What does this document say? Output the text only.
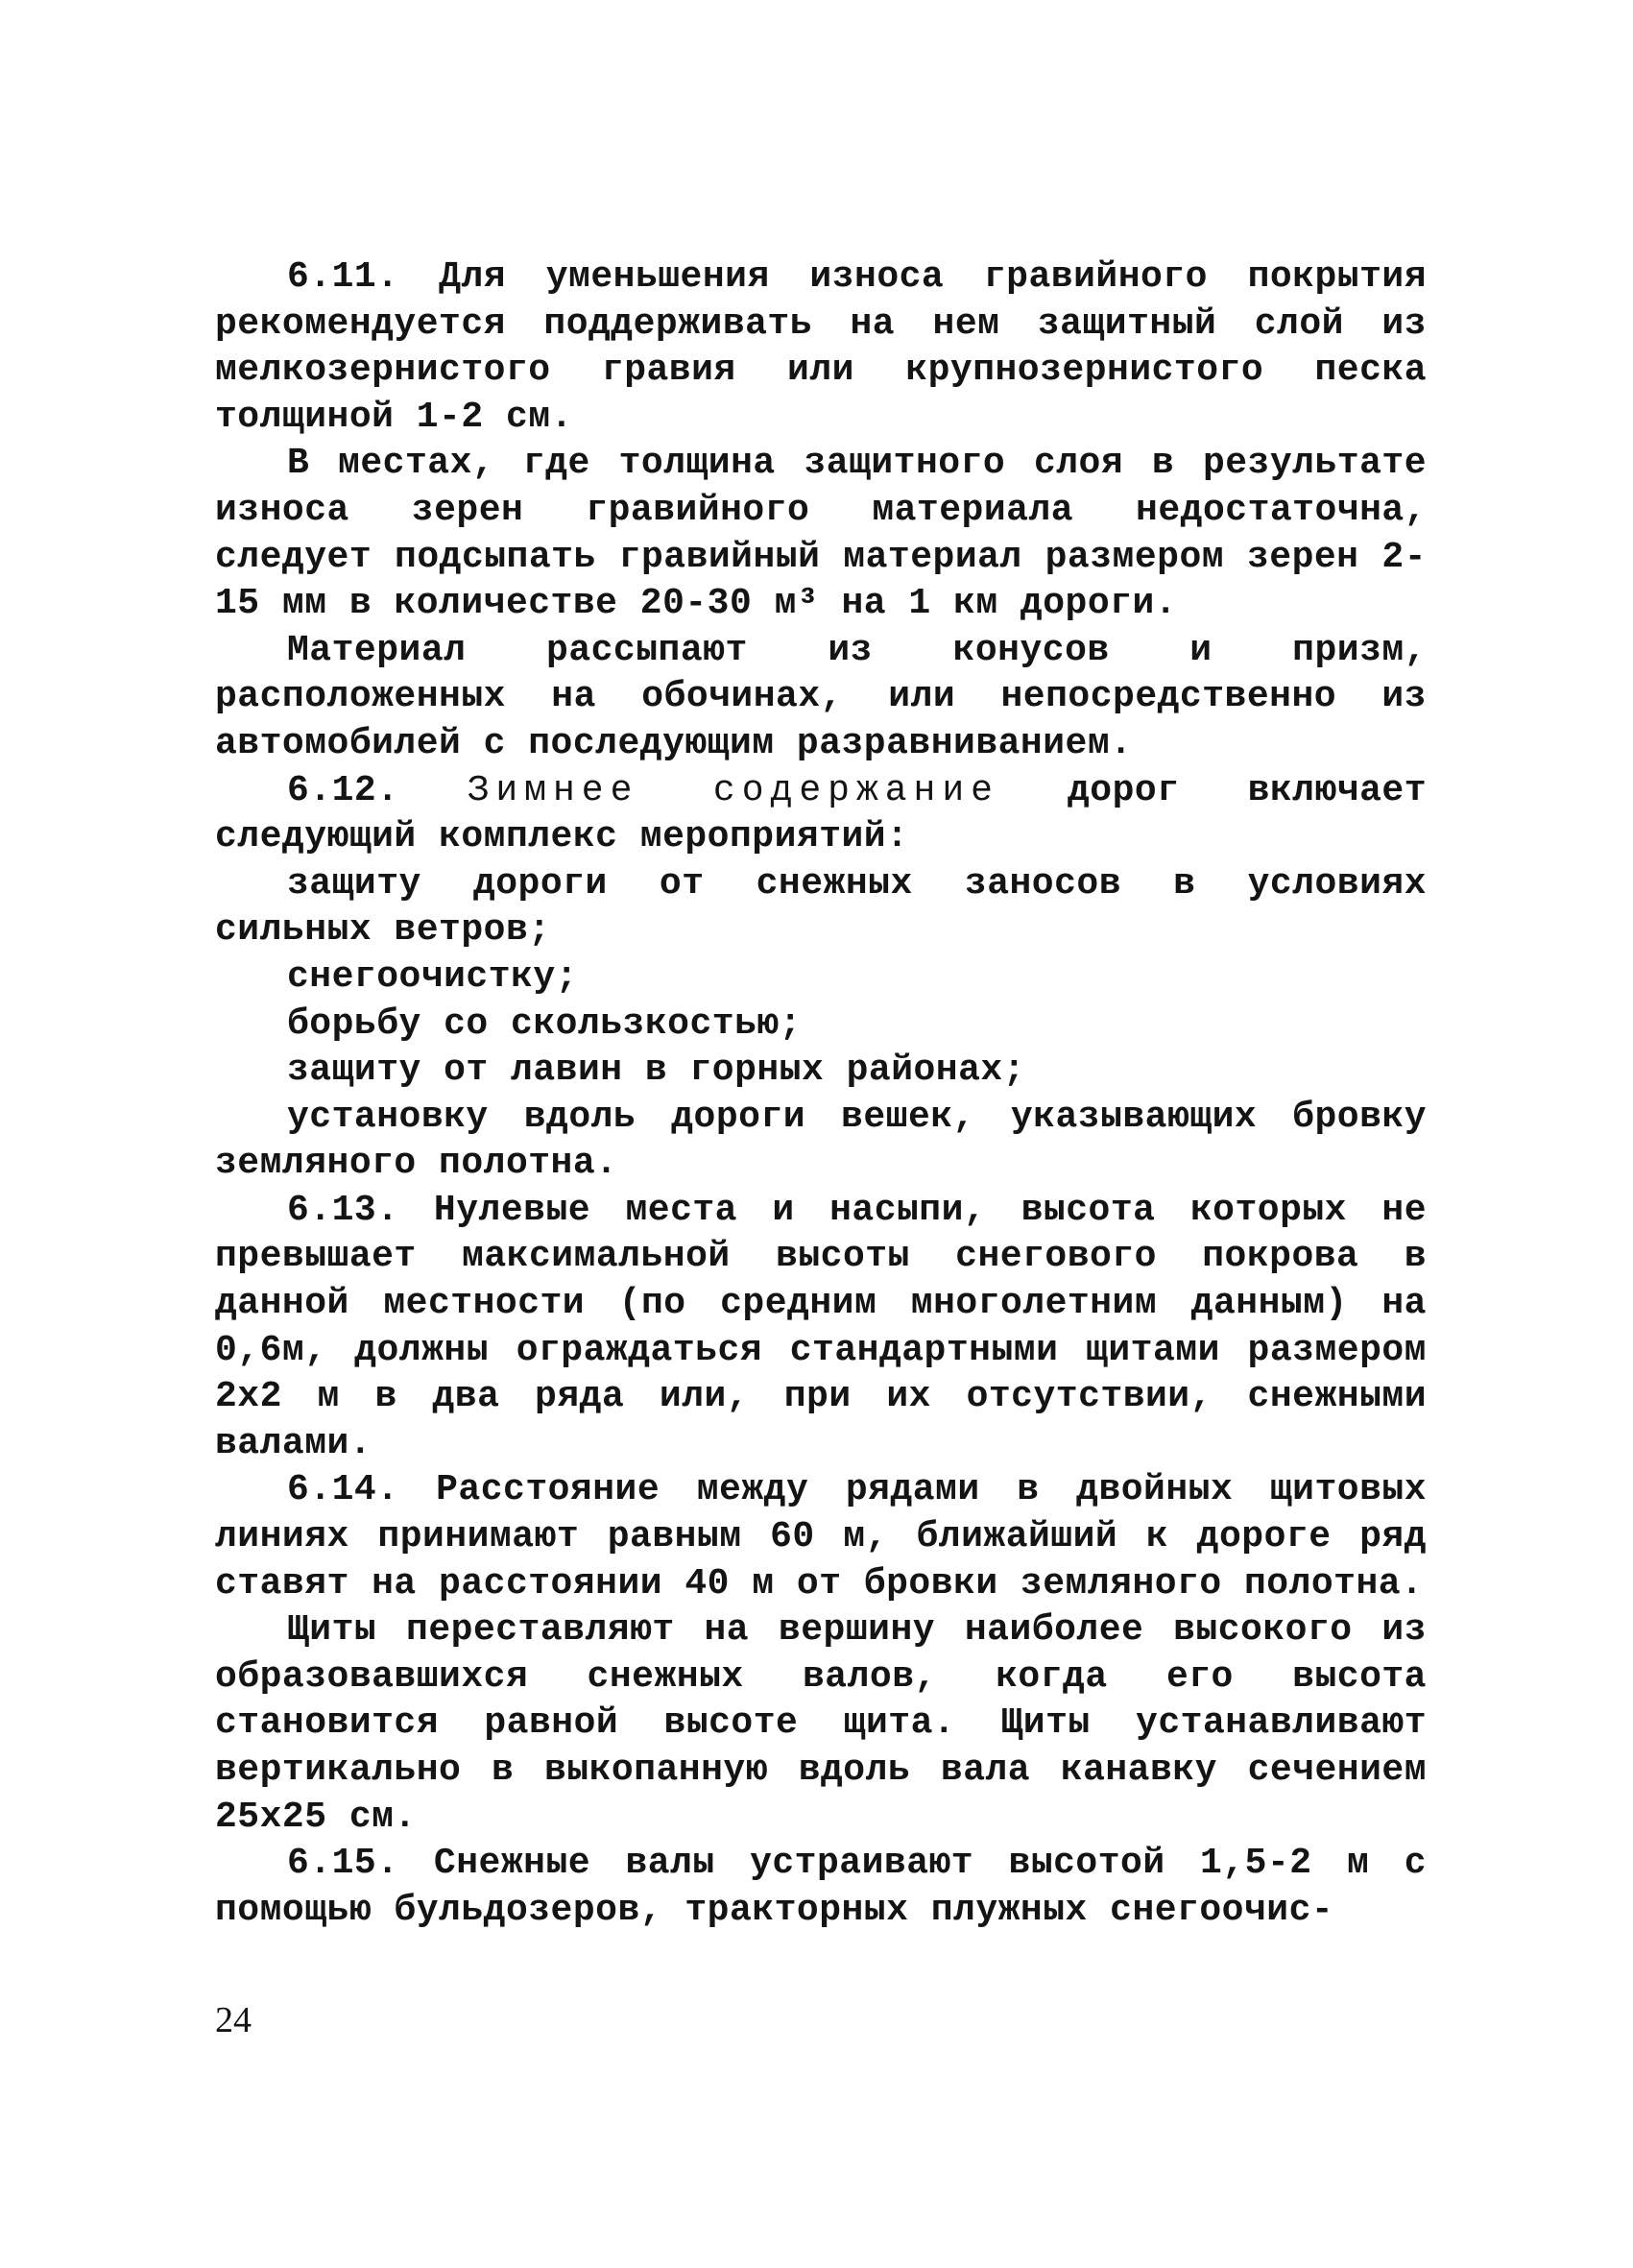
6.11. Для уменьшения износа гравийного покрытия рекомендуется поддерживать на нем защитный слой из мелкозернистого гравия или крупнозернистого песка толщиной 1-2 см.

В местах, где толщина защитного слоя в результате износа зерен гравийного материала недостаточна, следует подсыпать гравийный материал размером зерен 2-15 мм в количестве 20-30 м³ на 1 км дороги.

Материал рассыпают из конусов и призм, расположенных на обочинах, или непосредственно из автомобилей с последующим разравниванием.

6.12. Зимнее содержание дорог включает следующий комплекс мероприятий:

защиту дороги от снежных заносов в условиях сильных ветров;

снегоочистку;

борьбу со скользкостью;

защиту от лавин в горных районах;

установку вдоль дороги вешек, указывающих бровку земляного полотна.

6.13. Нулевые места и насыпи, высота которых не превышает максимальной высоты снегового покрова в данной местности (по средним многолетним данным) на 0,6м, должны ограждаться стандартными щитами размером 2х2 м в два ряда или, при их отсутствии, снежными валами.

6.14. Расстояние между рядами в двойных щитовых линиях принимают равным 60 м, ближайший к дороге ряд ставят на расстоянии 40 м от бровки земляного полотна.

Щиты переставляют на вершину наиболее высокого из образовавшихся снежных валов, когда его высота становится равной высоте щита. Щиты устанавливают вертикально в выкопанную вдоль вала канавку сечением 25х25 см.

6.15. Снежные валы устраивают высотой 1,5-2 м с помощью бульдозеров, тракторных плужных снегоочис-

24
